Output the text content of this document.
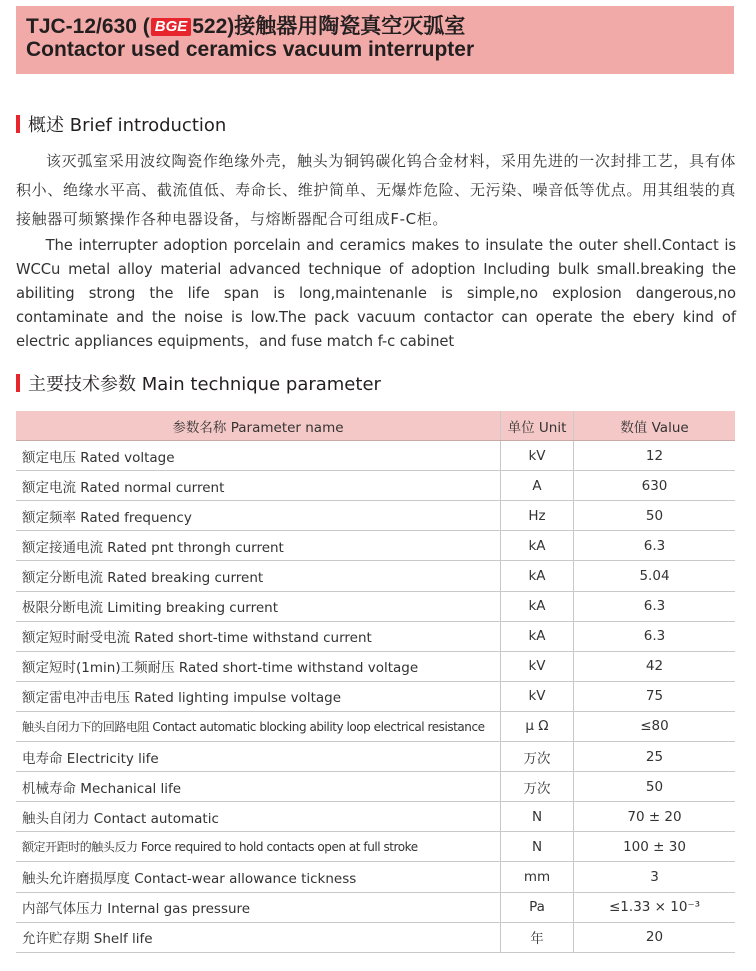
TJC-12/630 ( BGE 522)接触器用陶瓷真空灭弧室
Contactor used ceramics vacuum interrupter
概述 Brief introduction

该灭弧室采用波纹陶瓷作绝缘外壳，触头为铜钨碳化钨合金材料，采用先进的一次封排工艺，具有体积小、绝缘水平高、截流值低、寿命长、维护简单、无爆炸危险、无污染、噪音低等优点。用其组装的真接触器可频繁操作各种电器设备，与熔断器配合可组成F-C柜。

The interrupter adoption porcelain and ceramics makes to insulate the outer shell.Contact is WCCu metal alloy material advanced technique of adoption Including bulk small.breaking the abiliting strong the life span is long,maintenanle is simple,no explosion dangerous,no contaminate and the noise is low.The pack vacuum contactor can operate the ebery kind of electric appliances equipments，and fuse match f-c cabinet

主要技术参数 Main technique parameter
参数名称 Parameter name	单位 Unit	数值 Value
额定电压 Rated voltage	kV	12
额定电流 Rated normal current	A	630
额定频率 Rated frequency	Hz	50
额定接通电流 Rated pnt throngh current	kA	6.3
额定分断电流 Rated breaking current	kA	5.04
极限分断电流 Limiting breaking current	kA	6.3
额定短时耐受电流 Rated short-time withstand current	kA	6.3
额定短时(1min)工频耐压 Rated short-time withstand voltage	kV	42
额定雷电冲击电压 Rated lighting impulse voltage	kV	75
触头自闭力下的回路电阻 Contact automatic blocking ability loop electrical resistance	μ Ω	≤80
电寿命 Electricity life	万次	25
机械寿命 Mechanical life	万次	50
触头自闭力 Contact automatic	N	70 ± 20
额定开距时的触头反力 Force required to hold contacts open at full stroke	N	100 ± 30
触头允许磨损厚度 Contact-wear allowance tickness	mm	3
内部气体压力 Internal gas pressure	Pa	≤1.33 × 10⁻³
允许贮存期 Shelf life	年	20
